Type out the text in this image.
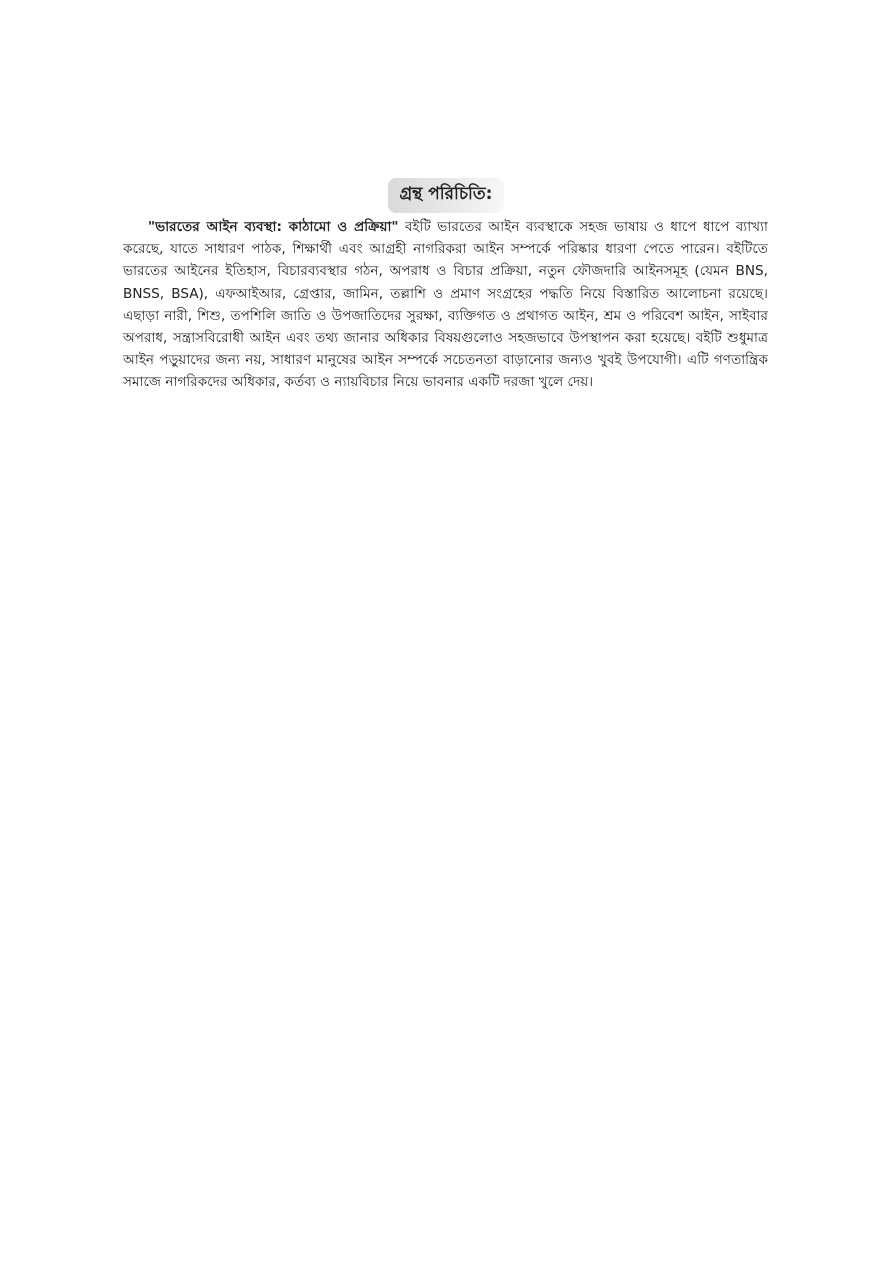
গ্রন্থ পরিচিতি:

"ভারতের আইন ব্যবস্থা: কাঠামো ও প্রক্রিয়া" বইটি ভারতের আইন ব্যবস্থাকে সহজ ভাষায় ও ধাপে ধাপে ব্যাখ্যা করেছে, যাতে সাধারণ পাঠক, শিক্ষার্থী এবং আগ্রহী নাগরিকরা আইন সম্পর্কে পরিষ্কার ধারণা পেতে পারেন। বইটিতে ভারতের আইনের ইতিহাস, বিচারব্যবস্থার গঠন, অপরাধ ও বিচার প্রক্রিয়া, নতুন ফৌজদারি আইনসমূহ (যেমন BNS, BNSS, BSA), এফআইআর, গ্রেপ্তার, জামিন, তল্লাশি ও প্রমাণ সংগ্রহের পদ্ধতি নিয়ে বিস্তারিত আলোচনা রয়েছে। এছাড়া নারী, শিশু, তপশিলি জাতি ও উপজাতিদের সুরক্ষা, ব্যক্তিগত ও প্রথাগত আইন, শ্রম ও পরিবেশ আইন, সাইবার অপরাধ, সন্ত্রাসবিরোধী আইন এবং তথ্য জানার অধিকার বিষয়গুলোও সহজভাবে উপস্থাপন করা হয়েছে। বইটি শুধুমাত্র আইন পড়ুয়াদের জন্য নয়, সাধারণ মানুষের আইন সম্পর্কে সচেতনতা বাড়ানোর জন্যও খুবই উপযোগী। এটি গণতান্ত্রিক সমাজে নাগরিকদের অধিকার, কর্তব্য ও ন্যায়বিচার নিয়ে ভাবনার একটি দরজা খুলে দেয়।
